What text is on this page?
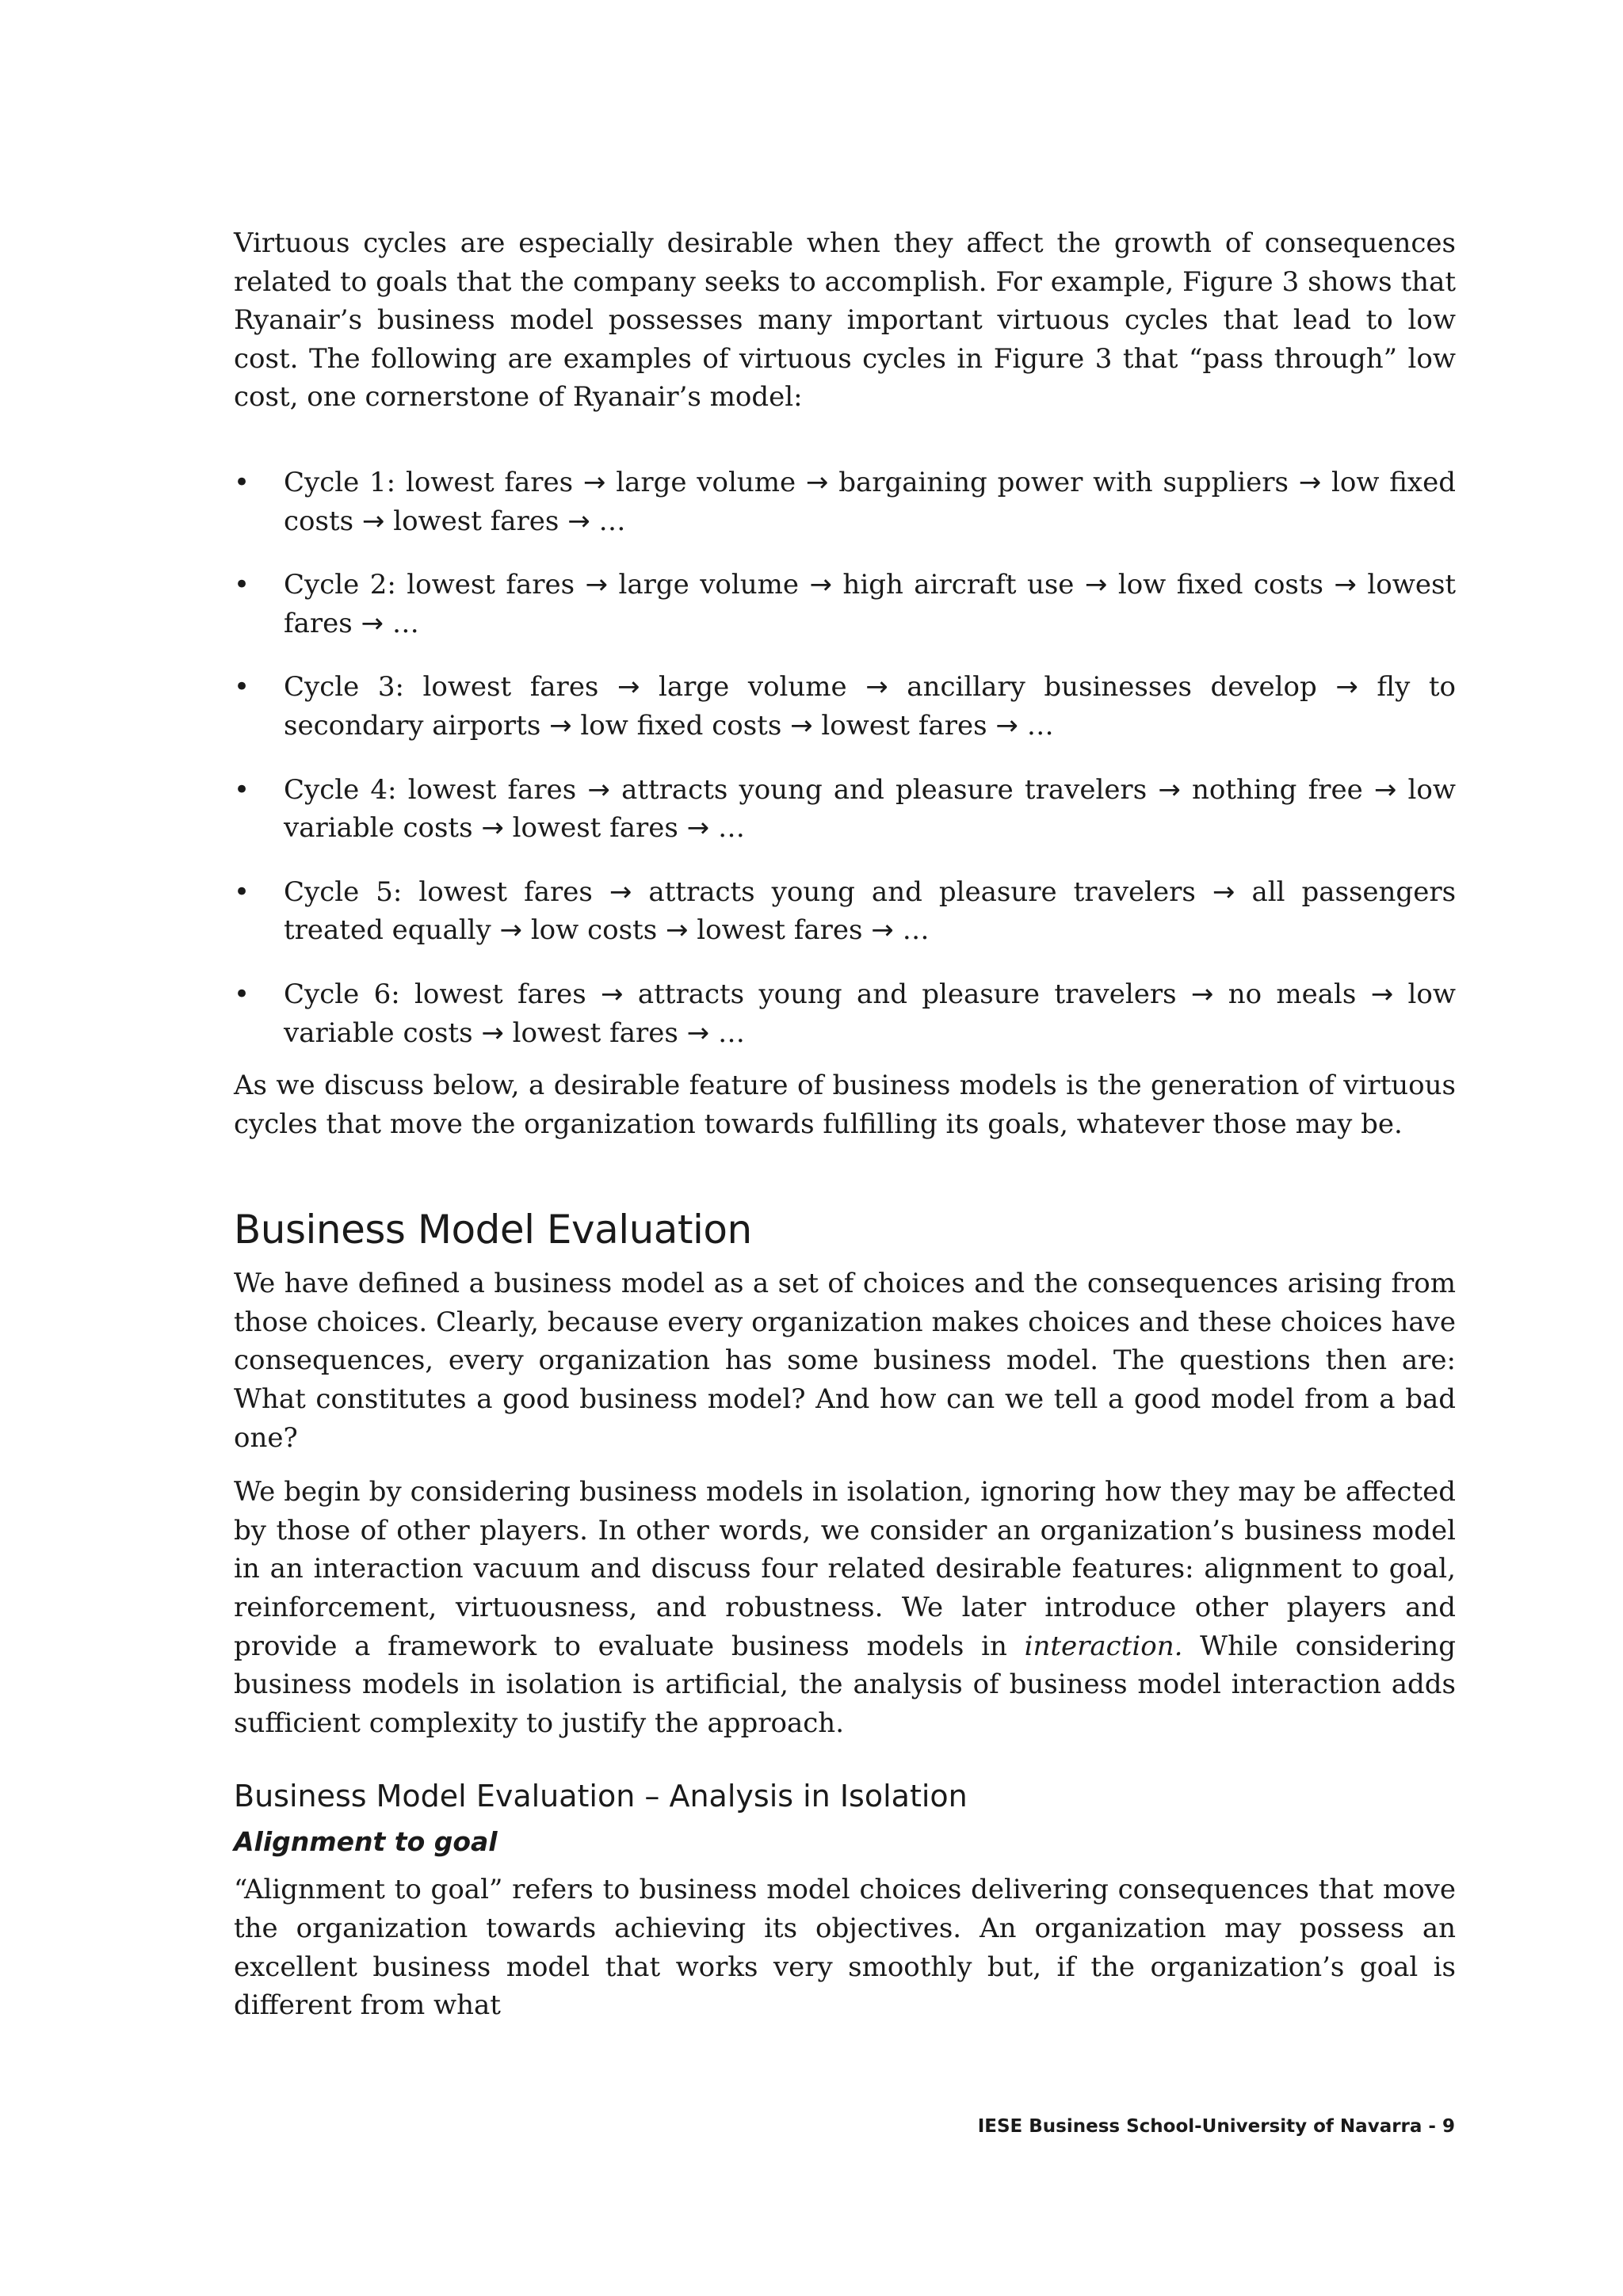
Virtuous cycles are especially desirable when they affect the growth of consequences related to goals that the company seeks to accomplish. For example, Figure 3 shows that Ryanair’s business model possesses many important virtuous cycles that lead to low cost. The following are examples of virtuous cycles in Figure 3 that “pass through” low cost, one cornerstone of Ryanair’s model:

• Cycle 1: lowest fares → large volume → bargaining power with suppliers → low fixed costs → lowest fares → …
• Cycle 2: lowest fares → large volume → high aircraft use → low fixed costs → lowest fares → …
• Cycle 3: lowest fares → large volume → ancillary businesses develop → fly to secondary airports → low fixed costs → lowest fares → …
• Cycle 4: lowest fares → attracts young and pleasure travelers → nothing free → low variable costs → lowest fares → …
• Cycle 5: lowest fares → attracts young and pleasure travelers → all passengers treated equally → low costs → lowest fares → …
• Cycle 6: lowest fares → attracts young and pleasure travelers → no meals → low variable costs → lowest fares → …

As we discuss below, a desirable feature of business models is the generation of virtuous cycles that move the organization towards fulfilling its goals, whatever those may be.

Business Model Evaluation

We have defined a business model as a set of choices and the consequences arising from those choices. Clearly, because every organization makes choices and these choices have consequences, every organization has some business model. The questions then are: What constitutes a good business model? And how can we tell a good model from a bad one?

We begin by considering business models in isolation, ignoring how they may be affected by those of other players. In other words, we consider an organization’s business model in an interaction vacuum and discuss four related desirable features: alignment to goal, reinforcement, virtuousness, and robustness. We later introduce other players and provide a framework to evaluate business models in interaction. While considering business models in isolation is artificial, the analysis of business model interaction adds sufficient complexity to justify the approach.

Business Model Evaluation – Analysis in Isolation
Alignment to goal

“Alignment to goal” refers to business model choices delivering consequences that move the organization towards achieving its objectives. An organization may possess an excellent business model that works very smoothly but, if the organization’s goal is different from what

IESE Business School-University of Navarra - 9
